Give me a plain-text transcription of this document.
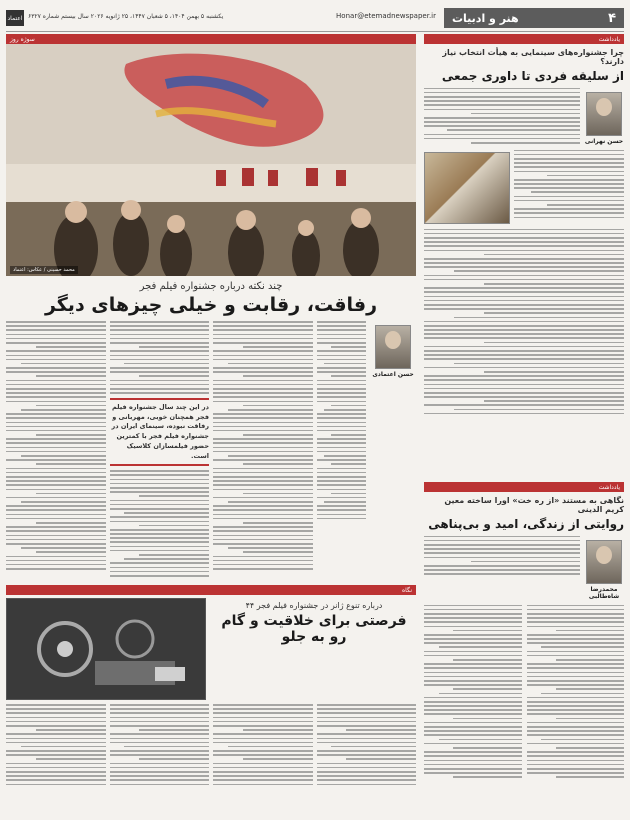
۴
هنر و ادبیات
Honar@etemadnewspaper.ir
یکشنبه ۵ بهمن ۱۴۰۴، ۵ شعبان ۱۴۴۷، ۲۵ ژانویه ۲۰۲۶ سال بیستم شماره ۶۳۲۷
اعتماد
یادداشت
چرا جشنواره‌های سینمایی به هیأت انتخاب نیاز دارند؟
از سلیقه فردی تا داوری جمعی
حسن نهرانی
یادداشت
نگاهی به مستند «از ره خت» اورا ساخته معین کریم الدینی
روایتی از زندگی، امید و بی‌پناهی
محمدرضا شاه‌طالبی
سوژه روز
محمد حسینی / عکاس: اعتماد
چند نکته درباره جشنواره فیلم فجر
رفاقت، رقابت و خیلی چیزهای دیگر
حسن اعتمادی
در این چند سال جشنواره فیلم فجر همچنان خوبی، مهربانی و رفاقت نبوده، سینمای ایران در جشنواره فیلم فجر با کمترین حضور فیلمسازان کلاسیک است.
نگاه
درباره تنوع ژانر در جشنواره فیلم فجر ۴۴
فرصتی برای خلاقیت و گام رو به جلو
